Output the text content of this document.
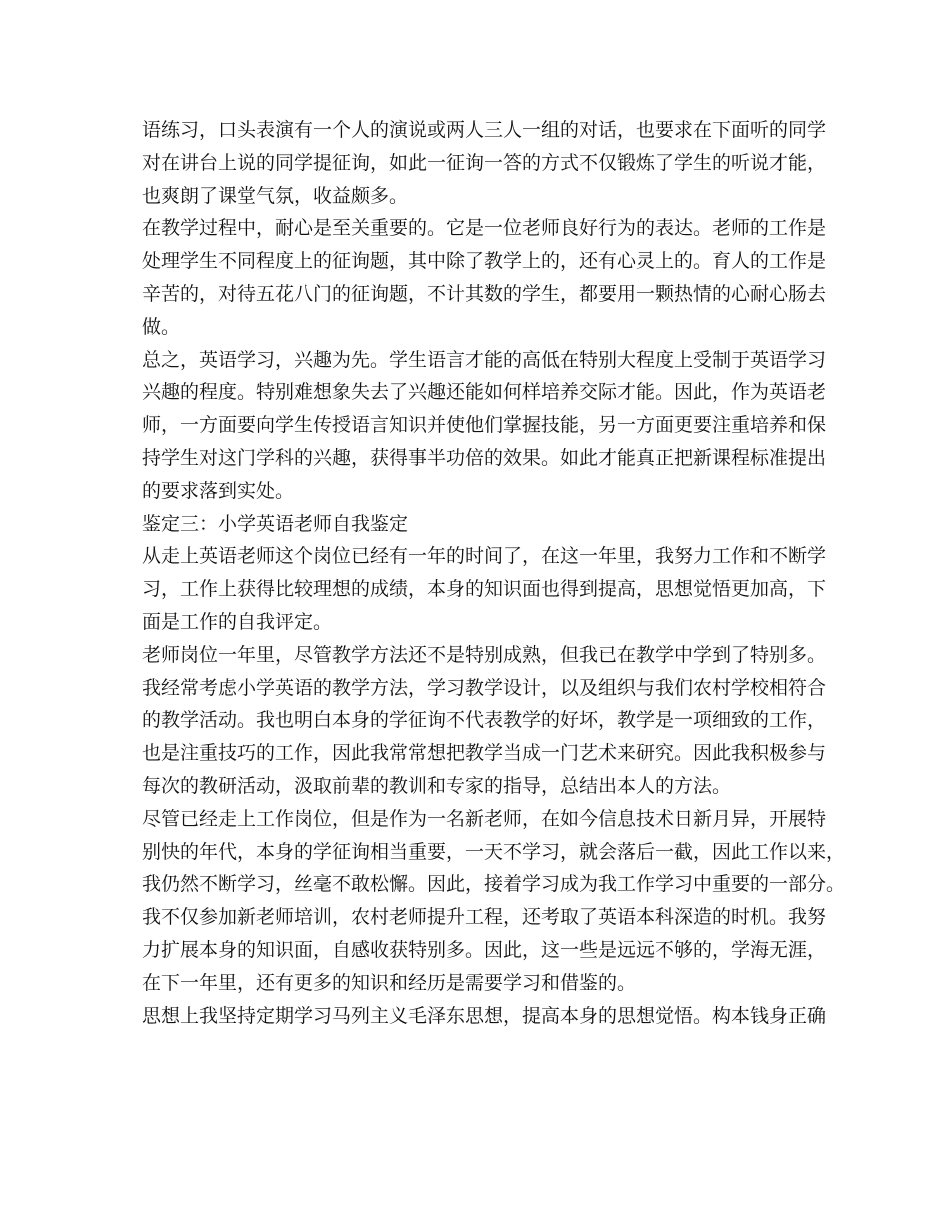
语练习，口头表演有一个人的演说或两人三人一组的对话，也要求在下面听的同学
对在讲台上说的同学提征询，如此一征询一答的方式不仅锻炼了学生的听说才能，
也爽朗了课堂气氛，收益颇多。
在教学过程中，耐心是至关重要的。它是一位老师良好行为的表达。老师的工作是
处理学生不同程度上的征询题，其中除了教学上的，还有心灵上的。育人的工作是
辛苦的，对待五花八门的征询题，不计其数的学生，都要用一颗热情的心耐心肠去
做。
总之，英语学习，兴趣为先。学生语言才能的高低在特别大程度上受制于英语学习
兴趣的程度。特别难想象失去了兴趣还能如何样培养交际才能。因此，作为英语老
师，一方面要向学生传授语言知识并使他们掌握技能，另一方面更要注重培养和保
持学生对这门学科的兴趣，获得事半功倍的效果。如此才能真正把新课程标准提出
的要求落到实处。
鉴定三：小学英语老师自我鉴定
从走上英语老师这个岗位已经有一年的时间了，在这一年里，我努力工作和不断学
习，工作上获得比较理想的成绩，本身的知识面也得到提高，思想觉悟更加高，下
面是工作的自我评定。
老师岗位一年里，尽管教学方法还不是特别成熟，但我已在教学中学到了特别多。
我经常考虑小学英语的教学方法，学习教学设计，以及组织与我们农村学校相符合
的教学活动。我也明白本身的学征询不代表教学的好坏，教学是一项细致的工作，
也是注重技巧的工作，因此我常常想把教学当成一门艺术来研究。因此我积极参与
每次的教研活动，汲取前辈的教训和专家的指导，总结出本人的方法。
尽管已经走上工作岗位，但是作为一名新老师，在如今信息技术日新月异，开展特
别快的年代，本身的学征询相当重要，一天不学习，就会落后一截，因此工作以来，
我仍然不断学习，丝毫不敢松懈。因此，接着学习成为我工作学习中重要的一部分。
我不仅参加新老师培训，农村老师提升工程，还考取了英语本科深造的时机。我努
力扩展本身的知识面，自感收获特别多。因此，这一些是远远不够的，学海无涯，
在下一年里，还有更多的知识和经历是需要学习和借鉴的。
思想上我坚持定期学习马列主义毛泽东思想，提高本身的思想觉悟。构本钱身正确
